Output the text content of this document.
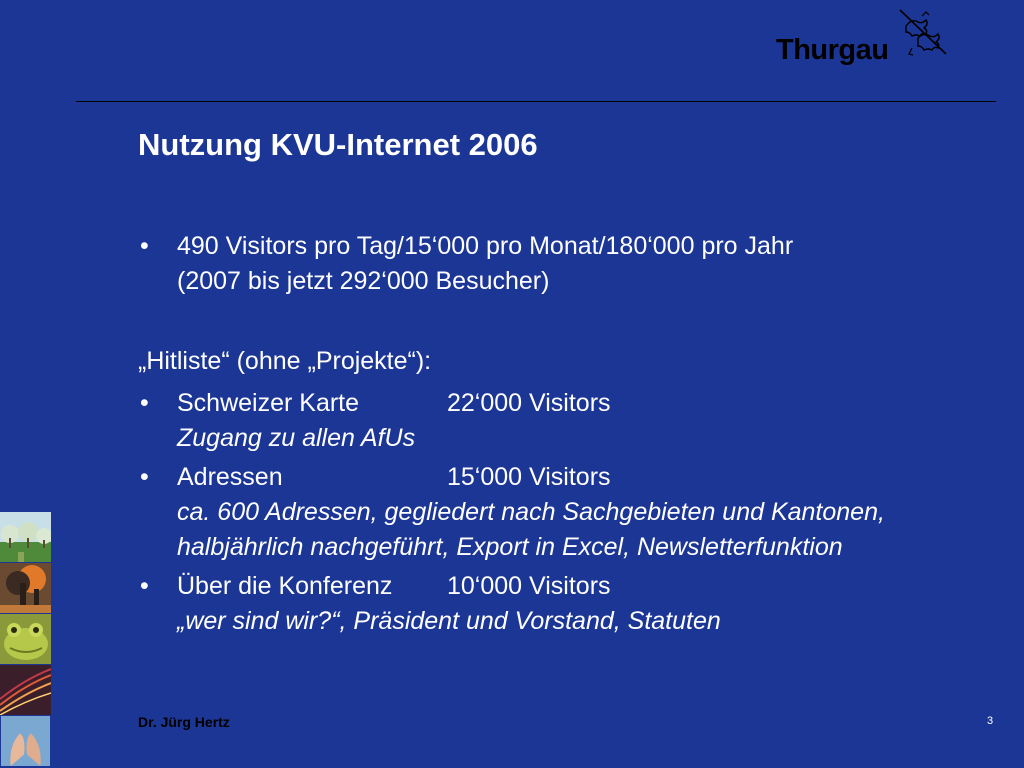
Thurgau
Nutzung KVU-Internet 2006
• 490 Visitors pro Tag/15‘000 pro Monat/180‘000 pro Jahr
(2007 bis jetzt 292‘000 Besucher)
„Hitliste“ (ohne „Projekte“):
• Schweizer Karte	22‘000 Visitors
Zugang zu allen AfUs
• Adressen	15‘000 Visitors
ca. 600 Adressen, gegliedert nach Sachgebieten und Kantonen,
halbjährlich nachgeführt, Export in Excel, Newsletterfunktion
• Über die Konferenz 10‘000 Visitors
„wer sind wir?“, Präsident und Vorstand, Statuten
Dr. Jürg Hertz	3
